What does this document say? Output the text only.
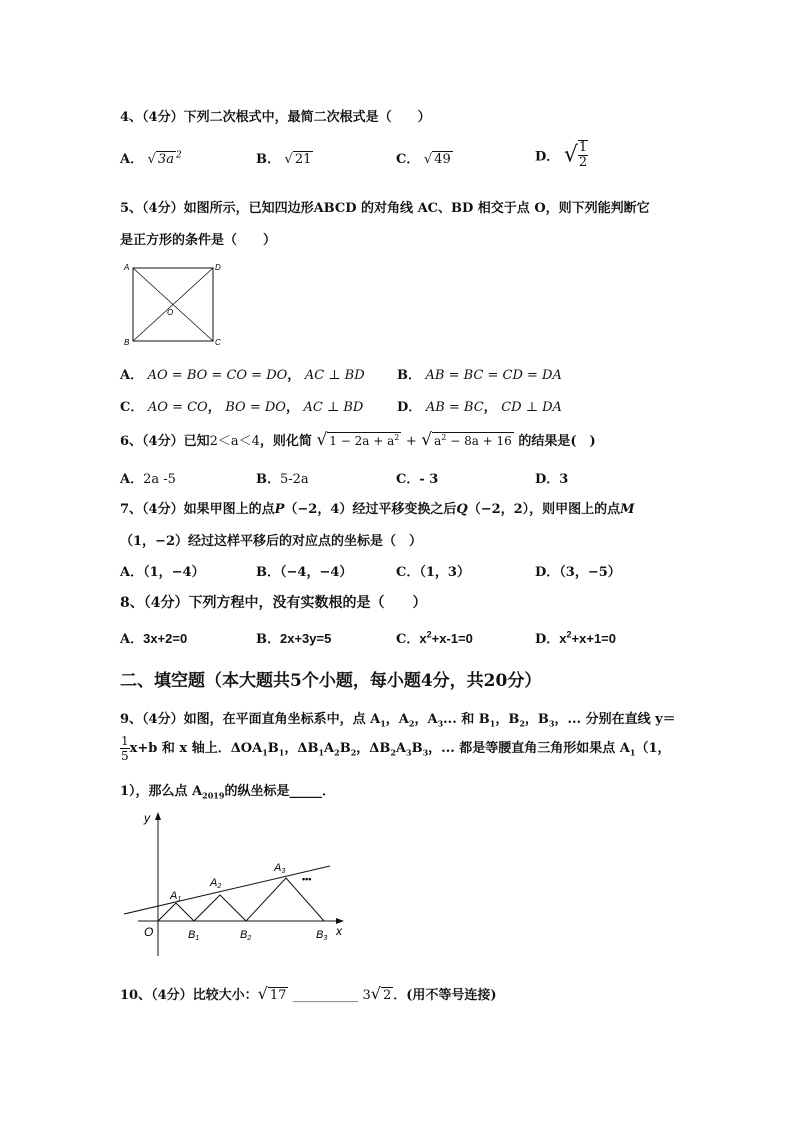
4、（4分）下列二次根式中，最简二次根式是（　　）
A． √ 3a $^2$	B． √ 21	C． √ 49	D． √ $\frac{1}{2}$
5、（4分）如图所示，已知四边形ABCD 的对角线 AC、BD 相交于点 O，则下列能判断它
是正方形的条件是（　　）
A	D
B	C
O
A． AO = BO = CO = DO， AC ⊥ BD B． AB = BC = CD = DA
C． AO = CO， BO = DO， AC ⊥ BD	D． AB = BC， CD ⊥ DA
6、（4分）已知2＜a＜4，则化简 √ $1 - 2a + a^2$ + √ $a^2 - 8a + 16$ 的结果是(　)
A．2a -5	B．5-2a	C．- 3	D．3
7、（4分）如果甲图上的点P（−2，4）经过平移变换之后Q（−2，2），则甲图上的点M
（1，−2）经过这样平移后的对应点的坐标是（　）
A．（1，−4）	B．（−4，−4）	C．（1，3）	D．（3，−5）
8、（4分）下列方程中，没有实数根的是（　　）
A．3x+2=0	B．2x+3y=5	C．$x^2+x-1=0$	D．$x^2+x+1=0$
二、填空题（本大题共5个小题，每小题4分，共20分）
9、（4分）如图，在平面直角坐标系中，点 $A_1$，$A_2$，$A_3$... 和 $B_1$，$B_2$，$B_3$，... 分别在直线 y＝
$\frac{1}{5} x+b$ 和 x 轴上．$\Delta OA_1B_1$，$\Delta B_1A_2B_2$，$\Delta B_2A_3B_3$，... 都是等腰直角三角形如果点 $A_1(1$，
1），那么点 $A_{2019}$的纵坐标是_____．
y
x
O
A1
A2
A3
•••
B1	B2	B3
10、（4分）比较大小：√ 17 __________ 3√ 2 ．(用不等号连接)
